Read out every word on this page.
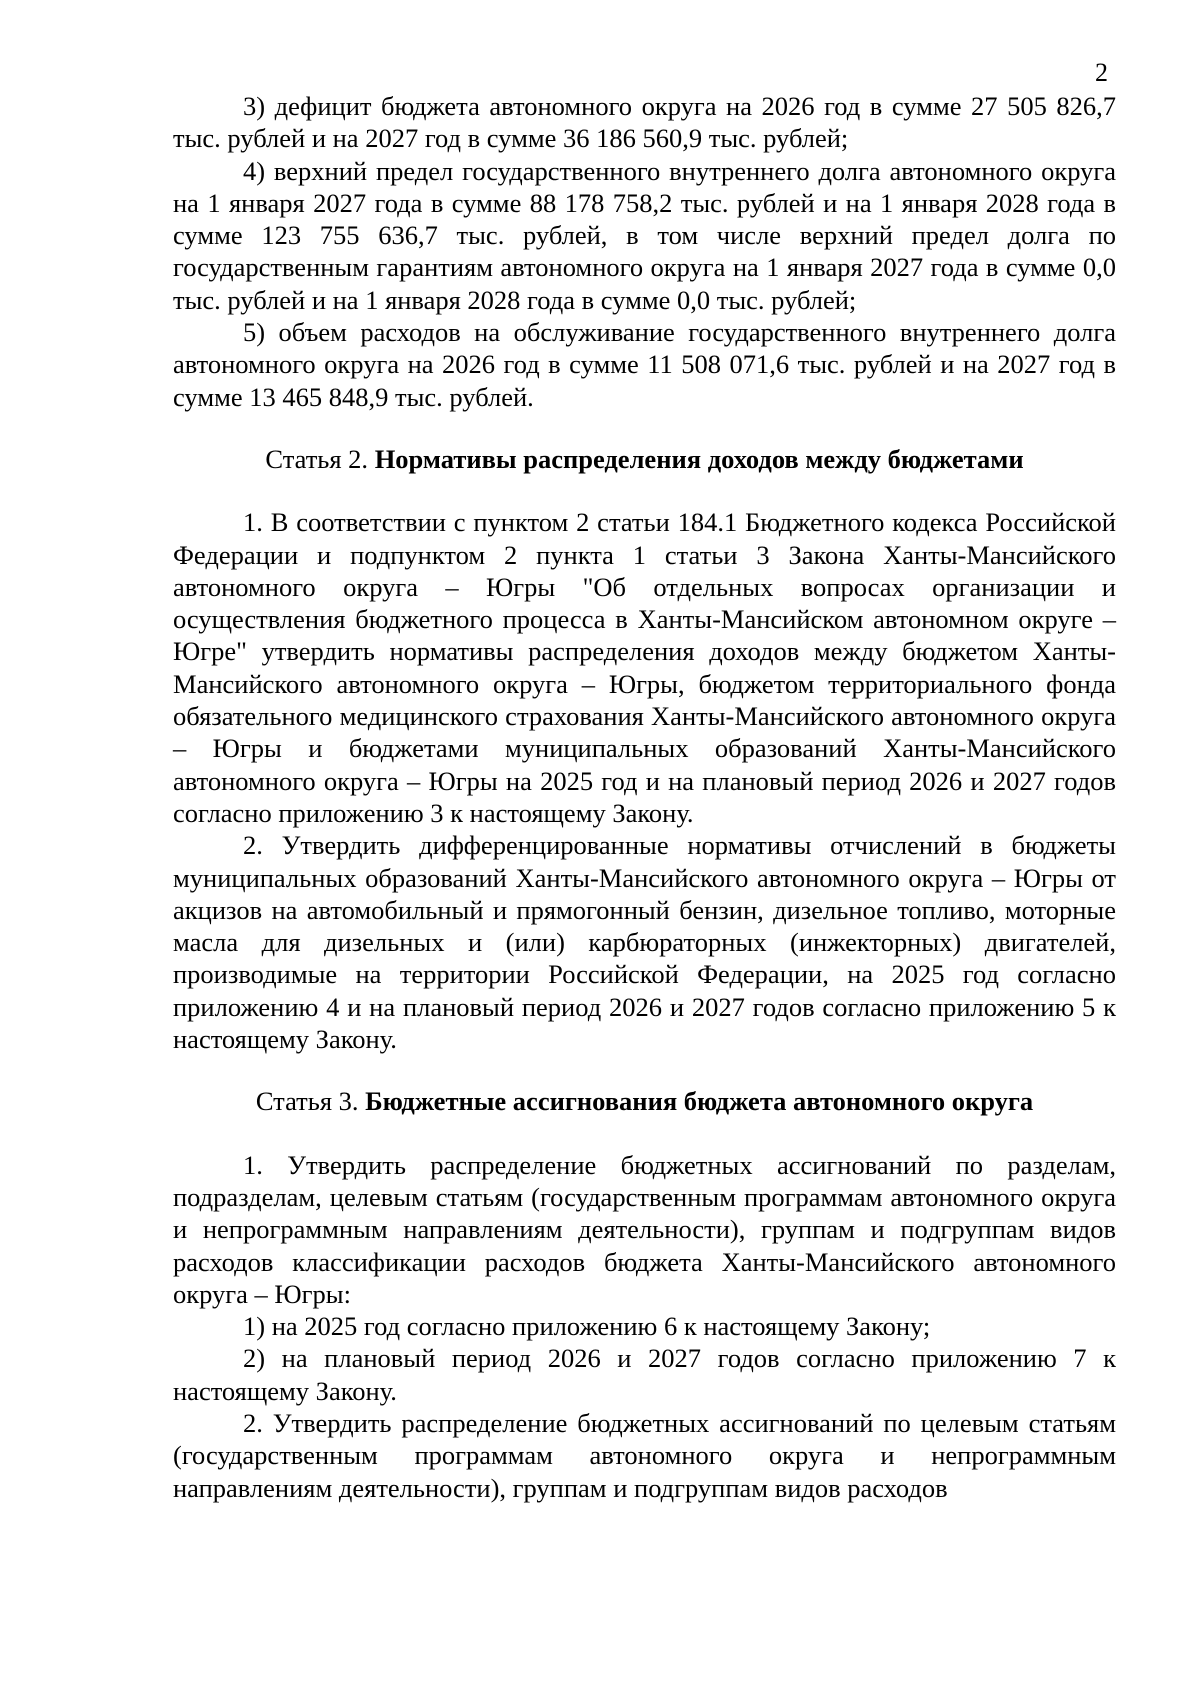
2

3) дефицит бюджета автономного округа на 2026 год в сумме 27 505 826,7 тыс. рублей и на 2027 год в сумме 36 186 560,9 тыс. рублей;

4) верхний предел государственного внутреннего долга автономного округа на 1 января 2027 года в сумме 88 178 758,2 тыс. рублей и на 1 января 2028 года в сумме 123 755 636,7 тыс. рублей, в том числе верхний предел долга по государственным гарантиям автономного округа на 1 января 2027 года в сумме 0,0 тыс. рублей и на 1 января 2028 года в сумме 0,0 тыс. рублей;

5) объем расходов на обслуживание государственного внутреннего долга автономного округа на 2026 год в сумме 11 508 071,6 тыс. рублей и на 2027 год в сумме 13 465 848,9 тыс. рублей.

Статья 2. Нормативы распределения доходов между бюджетами

1. В соответствии с пунктом 2 статьи 184.1 Бюджетного кодекса Российской Федерации и подпунктом 2 пункта 1 статьи 3 Закона Ханты-Мансийского автономного округа – Югры "Об отдельных вопросах организации и осуществления бюджетного процесса в Ханты-Мансийском автономном округе – Югре" утвердить нормативы распределения доходов между бюджетом Ханты-Мансийского автономного округа – Югры, бюджетом территориального фонда обязательного медицинского страхования Ханты-Мансийского автономного округа – Югры и бюджетами муниципальных образований Ханты-Мансийского автономного округа – Югры на 2025 год и на плановый период 2026 и 2027 годов согласно приложению 3 к настоящему Закону.

2. Утвердить дифференцированные нормативы отчислений в бюджеты муниципальных образований Ханты-Мансийского автономного округа – Югры от акцизов на автомобильный и прямогонный бензин, дизельное топливо, моторные масла для дизельных и (или) карбюраторных (инжекторных) двигателей, производимые на территории Российской Федерации, на 2025 год согласно приложению 4 и на плановый период 2026 и 2027 годов согласно приложению 5 к настоящему Закону.

Статья 3. Бюджетные ассигнования бюджета автономного округа

1. Утвердить распределение бюджетных ассигнований по разделам, подразделам, целевым статьям (государственным программам автономного округа и непрограммным направлениям деятельности), группам и подгруппам видов расходов классификации расходов бюджета Ханты-Мансийского автономного округа – Югры:

1) на 2025 год согласно приложению 6 к настоящему Закону;

2) на плановый период 2026 и 2027 годов согласно приложению 7 к настоящему Закону.

2. Утвердить распределение бюджетных ассигнований по целевым статьям (государственным программам автономного округа и непрограммным направлениям деятельности), группам и подгруппам видов расходов
